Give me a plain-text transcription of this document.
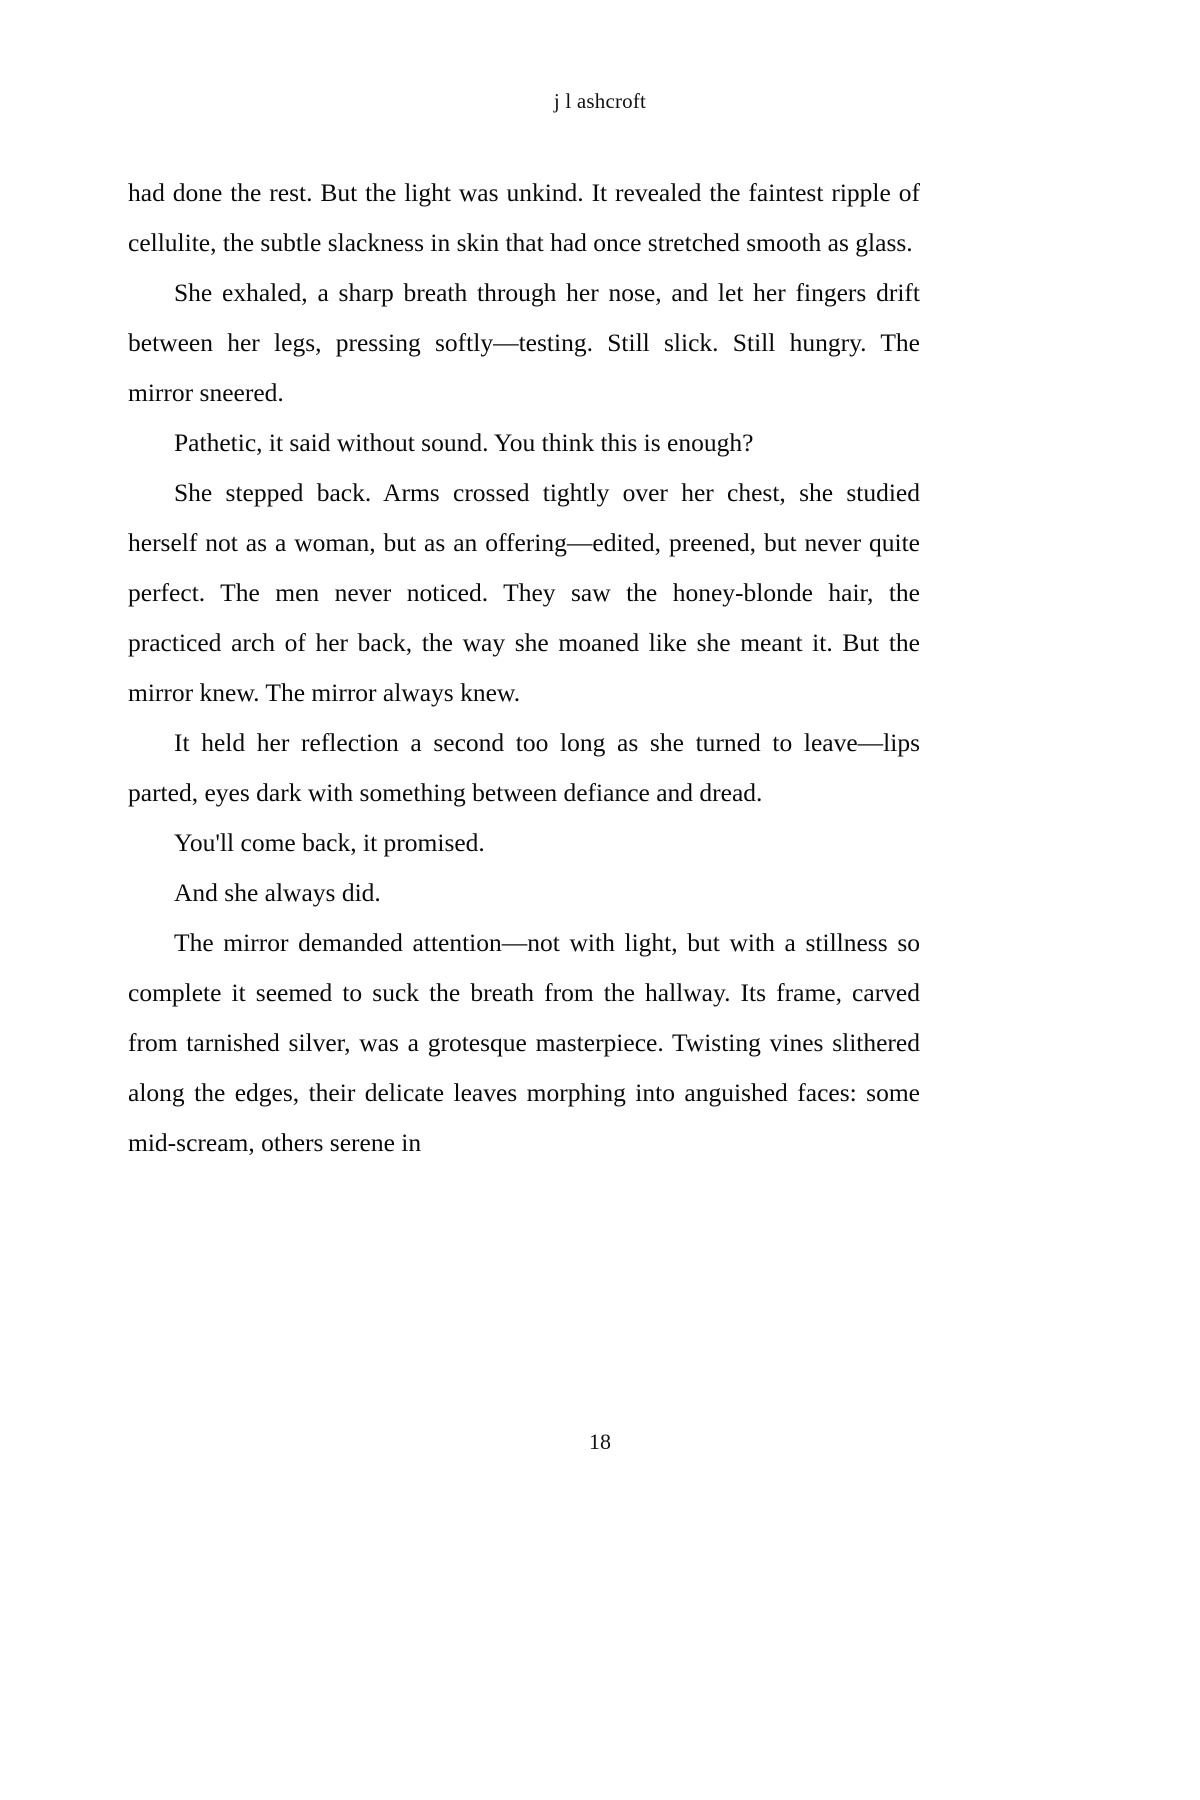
j l ashcroft

had done the rest. But the light was unkind. It revealed the faintest ripple of cellulite, the subtle slackness in skin that had once stretched smooth as glass.

She exhaled, a sharp breath through her nose, and let her fingers drift between her legs, pressing softly—testing. Still slick. Still hungry. The mirror sneered.

Pathetic, it said without sound. You think this is enough?

She stepped back. Arms crossed tightly over her chest, she studied herself not as a woman, but as an offering—edited, preened, but never quite perfect. The men never noticed. They saw the honey-blonde hair, the practiced arch of her back, the way she moaned like she meant it. But the mirror knew. The mirror always knew.

It held her reflection a second too long as she turned to leave—lips parted, eyes dark with something between defiance and dread.

You'll come back, it promised.

And she always did.

The mirror demanded attention—not with light, but with a stillness so complete it seemed to suck the breath from the hallway. Its frame, carved from tarnished silver, was a grotesque masterpiece. Twisting vines slithered along the edges, their delicate leaves morphing into anguished faces: some mid-scream, others serene in

18
